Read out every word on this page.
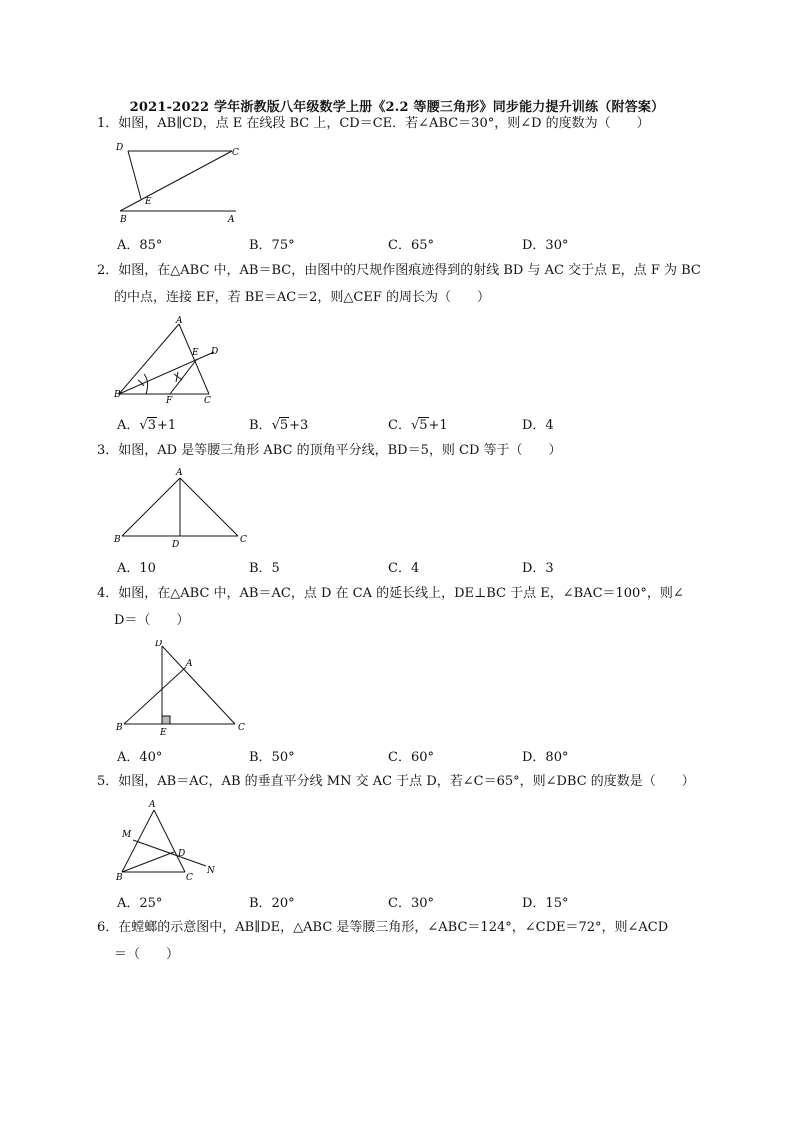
2021-2022 学年浙教版八年级数学上册《2.2 等腰三角形》同步能力提升训练（附答案）
1．如图，AB∥CD，点 E 在线段 BC 上，CD＝CE．若∠ABC＝30°，则∠D 的度数为（　　）
D	C
E
B	A
A．85°	B．75°	C．65°	D．30°
2．如图，在△ABC 中，AB＝BC，由图中的尺规作图痕迹得到的射线 BD 与 AC 交于点 E，点 F 为 BC
的中点，连接 EF，若 BE＝AC＝2，则△CEF 的周长为（　　）
A
E D
B
F	C
A．√3+1	B．√5+3	C．√5+1	D．4
3．如图，AD 是等腰三角形 ABC 的顶角平分线，BD＝5，则 CD 等于（　　）
A
B	D	C
A．10	B．5	C．4	D．3
4．如图，在△ABC 中，AB＝AC，点 D 在 CA 的延长线上，DE⊥BC 于点 E，∠BAC＝100°，则∠
D＝（　　）
D
A
B	E	C
A．40°	B．50°	C．60°	D．80°
5．如图，AB＝AC，AB 的垂直平分线 MN 交 AC 于点 D，若∠C＝65°，则∠DBC 的度数是（　　）
A
M
D
B	C
N
A．25°	B．20°	C．30°	D．15°
6．在螳螂的示意图中，AB∥DE，△ABC 是等腰三角形，∠ABC＝124°，∠CDE＝72°，则∠ACD
＝（　　）
